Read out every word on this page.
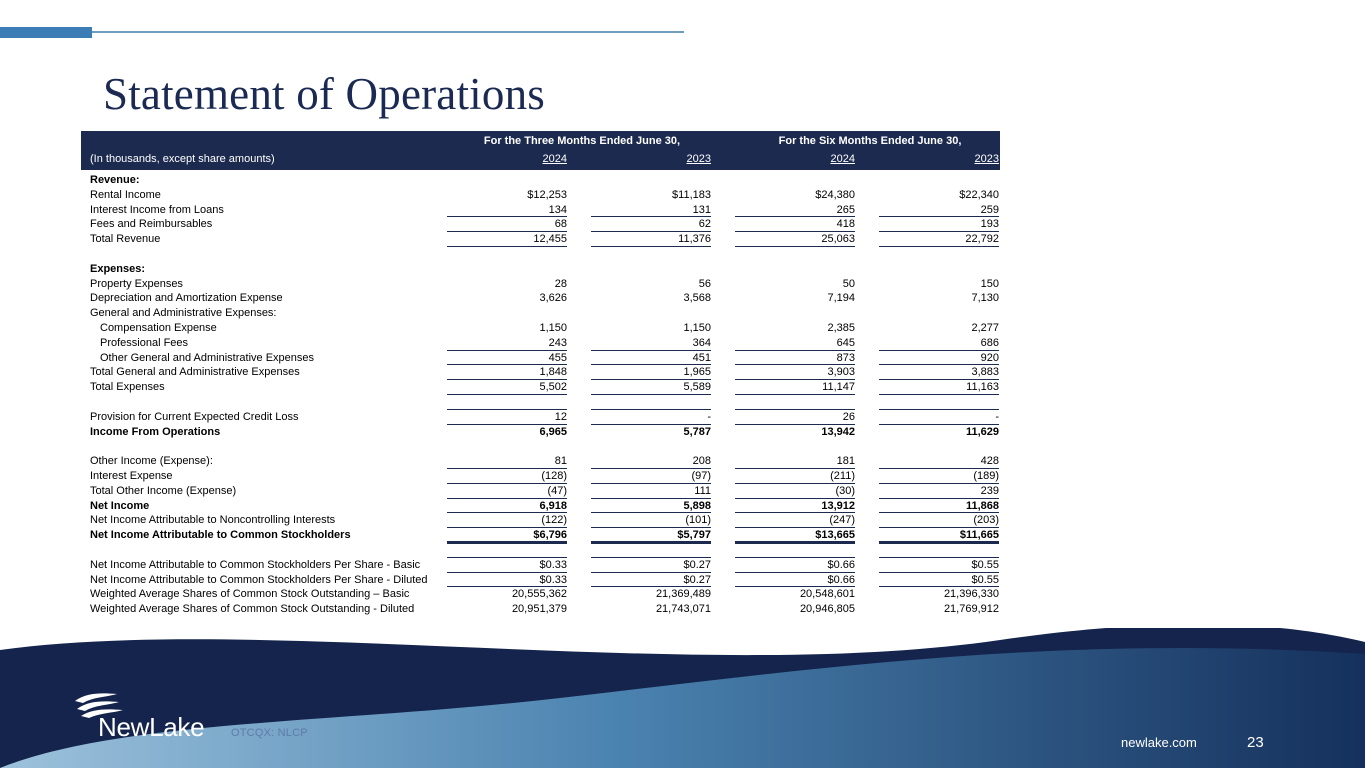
Statement of Operations
(In thousands, except share amounts)
For the Three Months Ended June 30,	For the Six Months Ended June 30,
2024	2023	2024	2023
Revenue:
Rental Income	$12,253	$11,183	$24,380	$22,340
Interest Income from Loans	134	131	265	259
Fees and Reimbursables	68	62	418	193
Total Revenue	12,455	11,376	25,063	22,792
Expenses:
Property Expenses	28	56	50	150
Depreciation and Amortization Expense	3,626	3,568	7,194	7,130
General and Administrative Expenses:
Compensation Expense	1,150	1,150	2,385	2,277
Professional Fees	243	364	645	686
Other General and Administrative Expenses	455	451	873	920
Total General and Administrative Expenses	1,848	1,965	3,903	3,883
Total Expenses	5,502	5,589	11,147	11,163
Provision for Current Expected Credit Loss	12	-	26	-
Income From Operations	6,965	5,787	13,942	11,629
Other Income (Expense):	81	208	181	428
Interest Expense	(128)	(97)	(211)	(189)
Total Other Income (Expense)	(47)	111	(30)	239
Net Income	6,918	5,898	13,912	11,868
Net Income Attributable to Noncontrolling Interests	(122)	(101)	(247)	(203)
Net Income Attributable to Common Stockholders	$6,796	$5,797	$13,665	$11,665
Net Income Attributable to Common Stockholders Per Share - Basic	$0.33	$0.27	$0.66	$0.55
Net Income Attributable to Common Stockholders Per Share - Diluted	$0.33	$0.27	$0.66	$0.55
Weighted Average Shares of Common Stock Outstanding – Basic	20,555,362	21,369,489	20,548,601	21,396,330
Weighted Average Shares of Common Stock Outstanding - Diluted	20,951,379	21,743,071	20,946,805	21,769,912
NewLake OTCQX: NLCP
newlake.com	23
